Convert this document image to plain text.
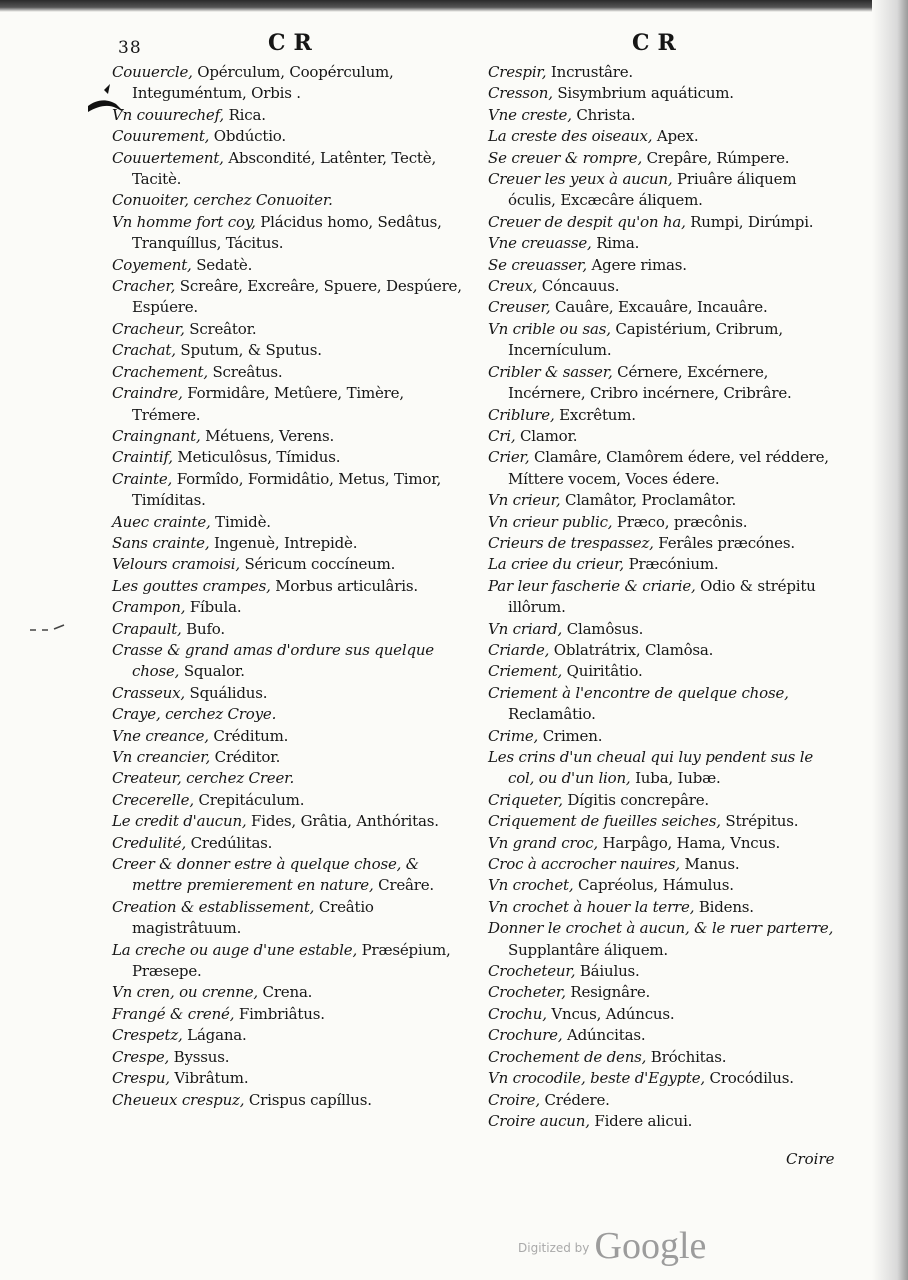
38	CR	CR
Couuercle, Opérculum, Coopérculum, Integuméntum, Orbis .
Vn couurechef, Rica.
Couurement, Obdúctio.
Couuertement, Abscondité, Latênter, Tectè, Tacitè.
Conuoiter, cerchez Conuoiter.
Vn homme fort coy, Plácidus homo, Sedâtus, Tranquíllus, Tácitus.
Coyement, Sedatè.
Cracher, Screâre, Excreâre, Spuere, Despúere, Espúere.
Cracheur, Screâtor.
Crachat, Sputum, & Sputus.
Crachement, Screâtus.
Craindre, Formidâre, Metûere, Timère, Trémere.
Craingnant, Métuens, Verens.
Craintif, Meticulôsus, Tímidus.
Crainte, Formîdo, Formidâtio, Metus, Timor, Timíditas.
Auec crainte, Timidè.
Sans crainte, Ingenuè, Intrepidè.
Velours cramoisi, Séricum coccíneum.
Les gouttes crampes, Morbus articulâris.
Crampon, Fíbula.
Crapault, Bufo.
Crasse & grand amas d'ordure sus quelque chose, Squalor.
Crasseux, Squálidus.
Craye, cerchez Croye.
Vne creance, Créditum.
Vn creancier, Créditor.
Createur, cerchez Creer.
Crecerelle, Crepitáculum.
Le credit d'aucun, Fides, Grâtia, Anthóritas.
Credulité, Credúlitas.
Creer & donner estre à quelque chose, & mettre premierement en nature, Creâre.
Creation & establissement, Creâtio magistrâtuum.
La creche ou auge d'une estable, Præsépium, Præsepe.
Vn cren, ou crenne, Crena.
Frangé & crené, Fimbriâtus.
Crespetz, Lágana.
Crespe, Byssus.
Crespu, Vibrâtum.
Cheueux crespuz, Crispus capíllus.
Crespir, Incrustâre.
Cresson, Sisymbrium aquáticum.
Vne creste, Christa.
La creste des oiseaux, Apex.
Se creuer & rompre, Crepâre, Rúmpere.
Creuer les yeux à aucun, Priuâre áliquem óculis, Excæcâre áliquem.
Creuer de despit qu'on ha, Rumpi, Dirúmpi.
Vne creuasse, Rima.
Se creuasser, Agere rimas.
Creux, Cóncauus.
Creuser, Cauâre, Excauâre, Incauâre.
Vn crible ou sas, Capistérium, Cribrum, Incernículum.
Cribler & sasser, Cérnere, Excérnere, Incérnere, Cribro incérnere, Cribrâre.
Criblure, Excrêtum.
Cri, Clamor.
Crier, Clamâre, Clamôrem édere, vel réddere, Míttere vocem, Voces édere.
Vn crieur, Clamâtor, Proclamâtor.
Vn crieur public, Præco, præcônis.
Crieurs de trespassez, Ferâles præcónes.
La criee du crieur, Præcónium.
Par leur fascherie & criarie, Odio & strépitu illôrum.
Vn criard, Clamôsus.
Criarde, Oblatrátrix, Clamôsa.
Criement, Quiritâtio.
Criement à l'encontre de quelque chose, Reclamâtio.
Crime, Crimen.
Les crins d'un cheual qui luy pendent sus le col, ou d'un lion, Iuba, Iubæ.
Criqueter, Dígitis concrepâre.
Criquement de fueilles seiches, Strépitus.
Vn grand croc, Harpâgo, Hama, Vncus.
Croc à accrocher nauires, Manus.
Vn crochet, Capréolus, Hámulus.
Vn crochet à houer la terre, Bidens.
Donner le crochet à aucun, & le ruer parterre, Supplantâre áliquem.
Crocheteur, Báiulus.
Crocheter, Resignâre.
Crochu, Vncus, Adúncus.
Crochure, Adúncitas.
Crochement de dens, Bróchitas.
Vn crocodile, beste d'Egypte, Crocódilus.
Croire, Crédere.
Croire aucun, Fidere alicui.
Croire
$^{Digitized by}$ Google
